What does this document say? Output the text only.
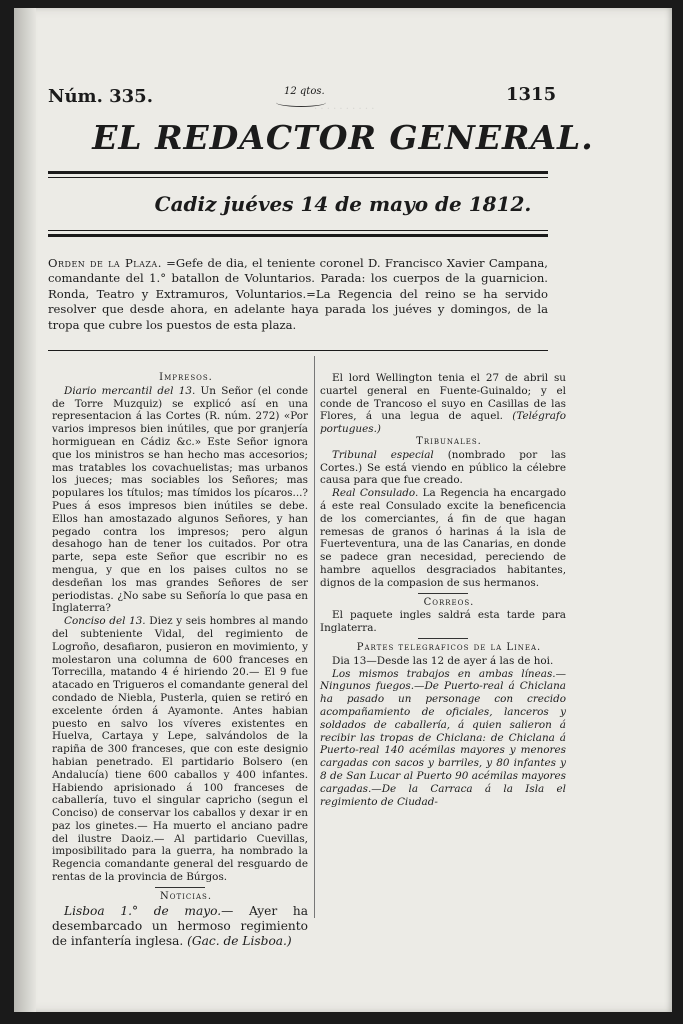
· · · · · · · · · ·
Núm. 335.	12 qtos.	1315
EL REDACTOR GENERAL.
Cadiz juéves 14 de mayo de 1812.
Orden de la Plaza. =Gefe de dia, el teniente coronel D. Francisco Xavier Campana, comandante del 1.° batallon de Voluntarios. Parada: los cuerpos de la guarnicion. Ronda, Teatro y Extramuros, Voluntarios.=La Regencia del reino se ha servido resolver que desde ahora, en adelante haya parada los juéves y domingos, de la tropa que cubre los puestos de esta plaza.

Impresos.

Diario mercantil del 13. Un Señor (el conde de Torre Muzquiz) se explicó así en una representacion á las Cortes (R. núm. 272) «Por varios impresos bien inútiles, que por granjería hormiguean en Cádiz &c.» Este Señor ignora que los ministros se han hecho mas accesorios; mas tratables los covachuelistas; mas urbanos los jueces; mas sociables los Señores; mas populares los títulos; mas tímidos los pícaros...? Pues á esos impresos bien inútiles se debe. Ellos han amostazado algunos Señores, y han pegado contra los impresos; pero algun desahogo han de tener los cuitados. Por otra parte, sepa este Señor que escribir no es mengua, y que en los paises cultos no se desdeñan los mas grandes Señores de ser periodistas. ¿No sabe su Señoría lo que pasa en Inglaterra?

Conciso del 13. Diez y seis hombres al mando del subteniente Vidal, del regimiento de Logroño, desafiaron, pusieron en movimiento, y molestaron una columna de 600 franceses en Torrecilla, matando 4 é hiriendo 20.— El 9 fue atacado en Trigueros el comandante general del condado de Niebla, Pusterla, quien se retiró en excelente órden á Ayamonte. Antes habian puesto en salvo los víveres existentes en Huelva, Cartaya y Lepe, salvándolos de la rapiña de 300 franceses, que con este designio habian penetrado. El partidario Bolsero (en Andalucía) tiene 600 caballos y 400 infantes. Habiendo aprisionado á 100 franceses de caballería, tuvo el singular capricho (segun el Conciso) de conservar los caballos y dexar ir en paz los ginetes.— Ha muerto el anciano padre del ilustre Daoiz.— Al partidario Cuevillas, imposibilitado para la guerra, ha nombrado la Regencia comandante general del resguardo de rentas de la provincia de Búrgos.

Noticias.

Lisboa 1.° de mayo.— Ayer ha desembarcado un hermoso regimiento de infantería inglesa. (Gac. de Lisboa.)

El lord Wellington tenia el 27 de abril su cuartel general en Fuente-Guinaldo; y el conde de Trancoso el suyo en Casillas de las Flores, á una legua de aquel. (Telégrafo portugues.)

Tribunales.

Tribunal especial (nombrado por las Cortes.) Se está viendo en público la célebre causa para que fue creado.

Real Consulado. La Regencia ha encargado á este real Consulado excite la beneficencia de los comerciantes, á fin de que hagan remesas de granos ó harinas á la isla de Fuerteventura, una de las Canarias, en donde se padece gran necesidad, pereciendo de hambre aquellos desgraciados habitantes, dignos de la compasion de sus hermanos.

Correos.

El paquete ingles saldrá esta tarde para Inglaterra.

Partes telegraficos de la Linea.

Dia 13—Desde las 12 de ayer á las de hoi.

Los mismos trabajos en ambas líneas.—Ningunos fuegos.—De Puerto-real á Chiclana ha pasado un personage con crecido acompañamiento de oficiales, lanceros y soldados de caballería, á quien salieron á recibir las tropas de Chiclana: de Chiclana á Puerto-real 140 acémilas mayores y menores cargadas con sacos y barriles, y 80 infantes y 8 de San Lucar al Puerto 90 acémilas mayores cargadas.—De la Carraca á la Isla el regimiento de Ciudad-
